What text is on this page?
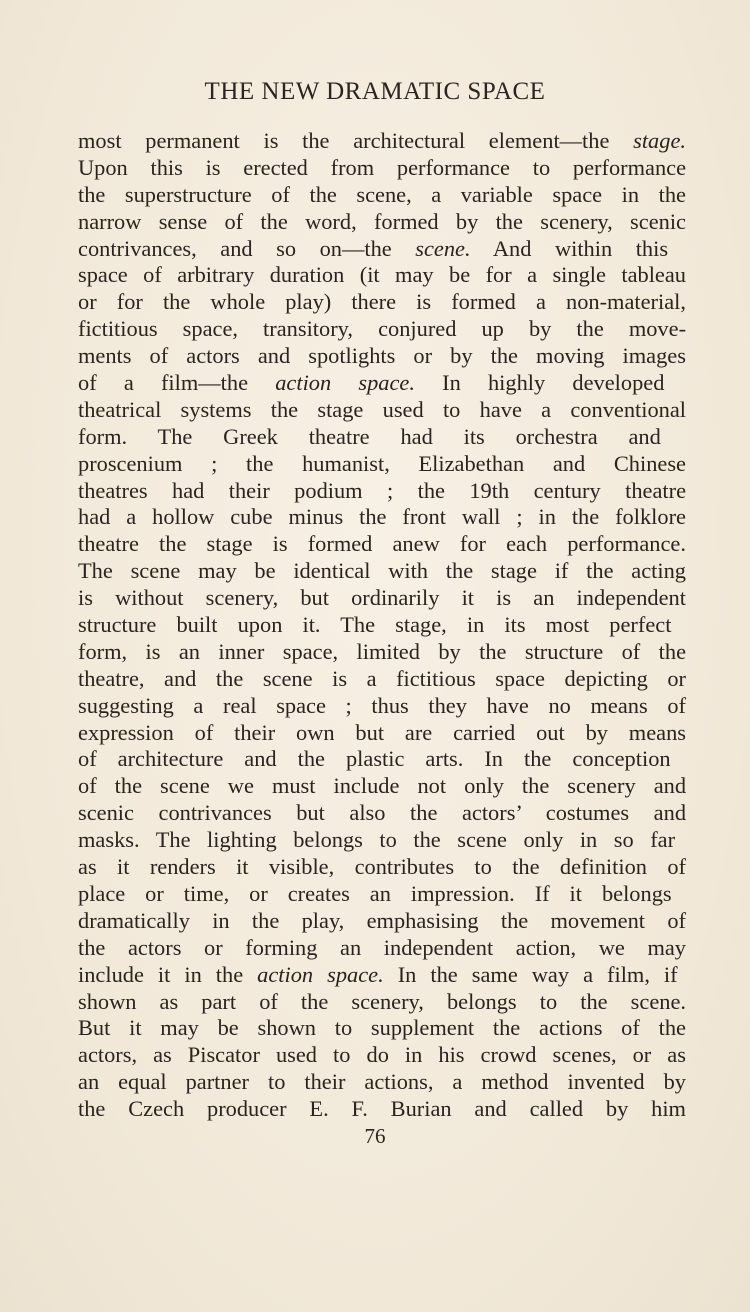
THE NEW DRAMATIC SPACE
most permanent is the architectural element—the stage.
Upon this is erected from performance to performance
the superstructure of the scene, a variable space in the
narrow sense of the word, formed by the scenery, scenic
contrivances, and so on—the scene. And within this
space of arbitrary duration (it may be for a single tableau
or for the whole play) there is formed a non-material,
fictitious space, transitory, conjured up by the move-
ments of actors and spotlights or by the moving images
of a film—the action space. In highly developed
theatrical systems the stage used to have a conventional
form. The Greek theatre had its orchestra and
proscenium ; the humanist, Elizabethan and Chinese
theatres had their podium ; the 19th century theatre
had a hollow cube minus the front wall ; in the folklore
theatre the stage is formed anew for each performance.
The scene may be identical with the stage if the acting
is without scenery, but ordinarily it is an independent
structure built upon it. The stage, in its most perfect
form, is an inner space, limited by the structure of the
theatre, and the scene is a fictitious space depicting or
suggesting a real space ; thus they have no means of
expression of their own but are carried out by means
of architecture and the plastic arts. In the conception
of the scene we must include not only the scenery and
scenic contrivances but also the actors’ costumes and
masks. The lighting belongs to the scene only in so far
as it renders it visible, contributes to the definition of
place or time, or creates an impression. If it belongs
dramatically in the play, emphasising the movement of
the actors or forming an independent action, we may
include it in the action space. In the same way a film, if
shown as part of the scenery, belongs to the scene.
But it may be shown to supplement the actions of the
actors, as Piscator used to do in his crowd scenes, or as
an equal partner to their actions, a method invented by
the Czech producer E. F. Burian and called by him
76
